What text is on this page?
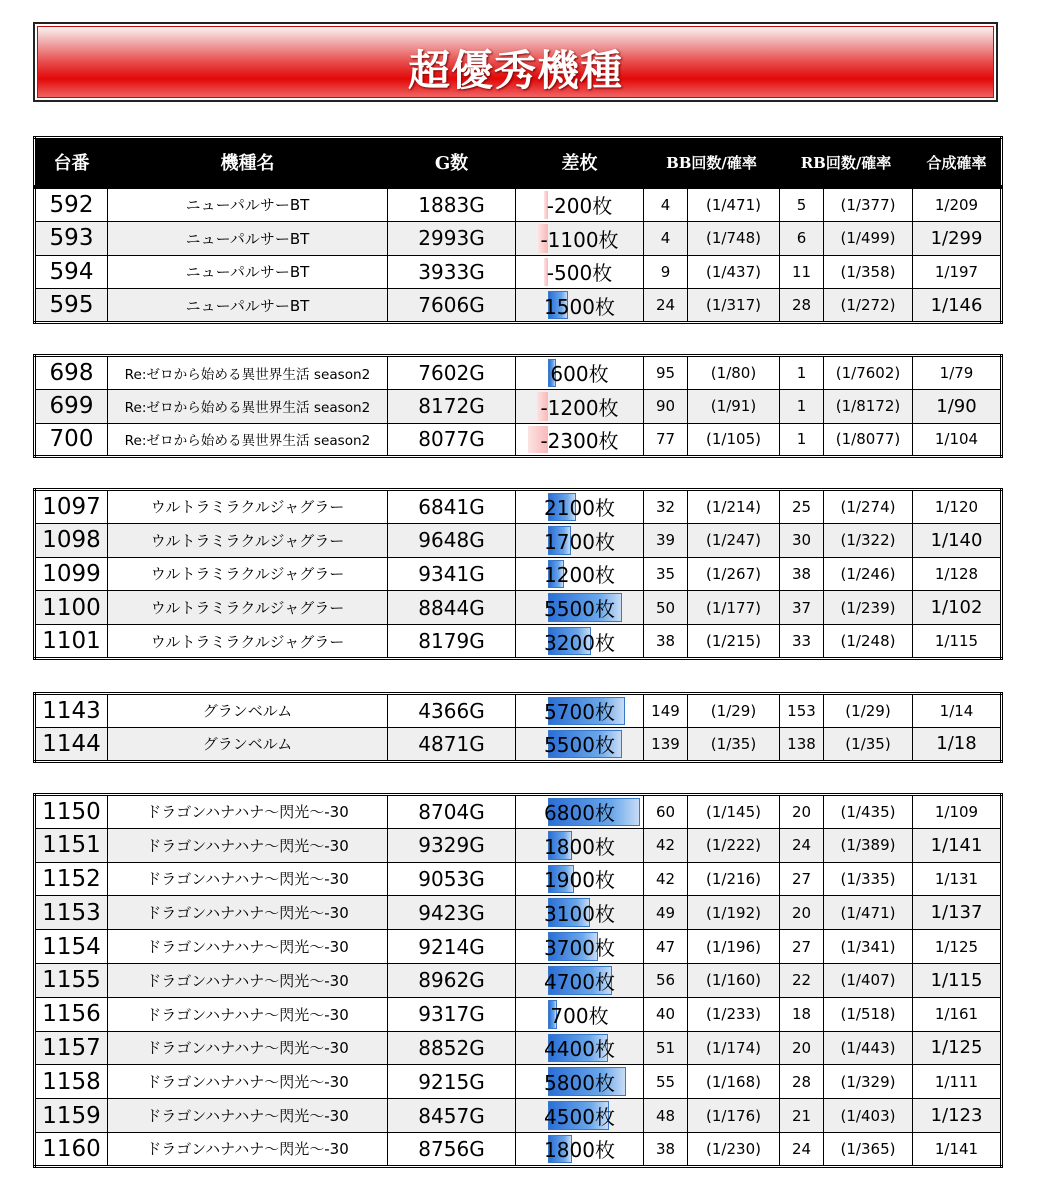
超優秀機種
台番	機種名	G数	差枚	BB回数/確率	RB回数/確率	合成確率
592	ニューパルサーBT	1883G	-200枚	4	(1/471)	5	(1/377)	1/209
593	ニューパルサーBT	2993G	-1100枚	4	(1/748)	6	(1/499)	1/299
594	ニューパルサーBT	3933G	-500枚	9	(1/437)	11	(1/358)	1/197
595	ニューパルサーBT	7606G	1500枚	24	(1/317)	28	(1/272)	1/146
698	Re:ゼロから始める異世界生活 season2	7602G	600枚	95	(1/80)	1	(1/7602)	1/79
699	Re:ゼロから始める異世界生活 season2	8172G	-1200枚	90	(1/91)	1	(1/8172)	1/90
700	Re:ゼロから始める異世界生活 season2	8077G	-2300枚	77	(1/105)	1	(1/8077)	1/104
1097	ウルトラミラクルジャグラー	6841G	2100枚	32	(1/214)	25	(1/274)	1/120
1098	ウルトラミラクルジャグラー	9648G	1700枚	39	(1/247)	30	(1/322)	1/140
1099	ウルトラミラクルジャグラー	9341G	1200枚	35	(1/267)	38	(1/246)	1/128
1100	ウルトラミラクルジャグラー	8844G	5500枚	50	(1/177)	37	(1/239)	1/102
1101	ウルトラミラクルジャグラー	8179G	3200枚	38	(1/215)	33	(1/248)	1/115
1143	グランベルム	4366G	5700枚	149	(1/29)	153	(1/29)	1/14
1144	グランベルム	4871G	5500枚	139	(1/35)	138	(1/35)	1/18
1150	ドラゴンハナハナ～閃光～-30	8704G	6800枚	60	(1/145)	20	(1/435)	1/109
1151	ドラゴンハナハナ～閃光～-30	9329G	1800枚	42	(1/222)	24	(1/389)	1/141
1152	ドラゴンハナハナ～閃光～-30	9053G	1900枚	42	(1/216)	27	(1/335)	1/131
1153	ドラゴンハナハナ～閃光～-30	9423G	3100枚	49	(1/192)	20	(1/471)	1/137
1154	ドラゴンハナハナ～閃光～-30	9214G	3700枚	47	(1/196)	27	(1/341)	1/125
1155	ドラゴンハナハナ～閃光～-30	8962G	4700枚	56	(1/160)	22	(1/407)	1/115
1156	ドラゴンハナハナ～閃光～-30	9317G	700枚	40	(1/233)	18	(1/518)	1/161
1157	ドラゴンハナハナ～閃光～-30	8852G	4400枚	51	(1/174)	20	(1/443)	1/125
1158	ドラゴンハナハナ～閃光～-30	9215G	5800枚	55	(1/168)	28	(1/329)	1/111
1159	ドラゴンハナハナ～閃光～-30	8457G	4500枚	48	(1/176)	21	(1/403)	1/123
1160	ドラゴンハナハナ～閃光～-30	8756G	1800枚	38	(1/230)	24	(1/365)	1/141
